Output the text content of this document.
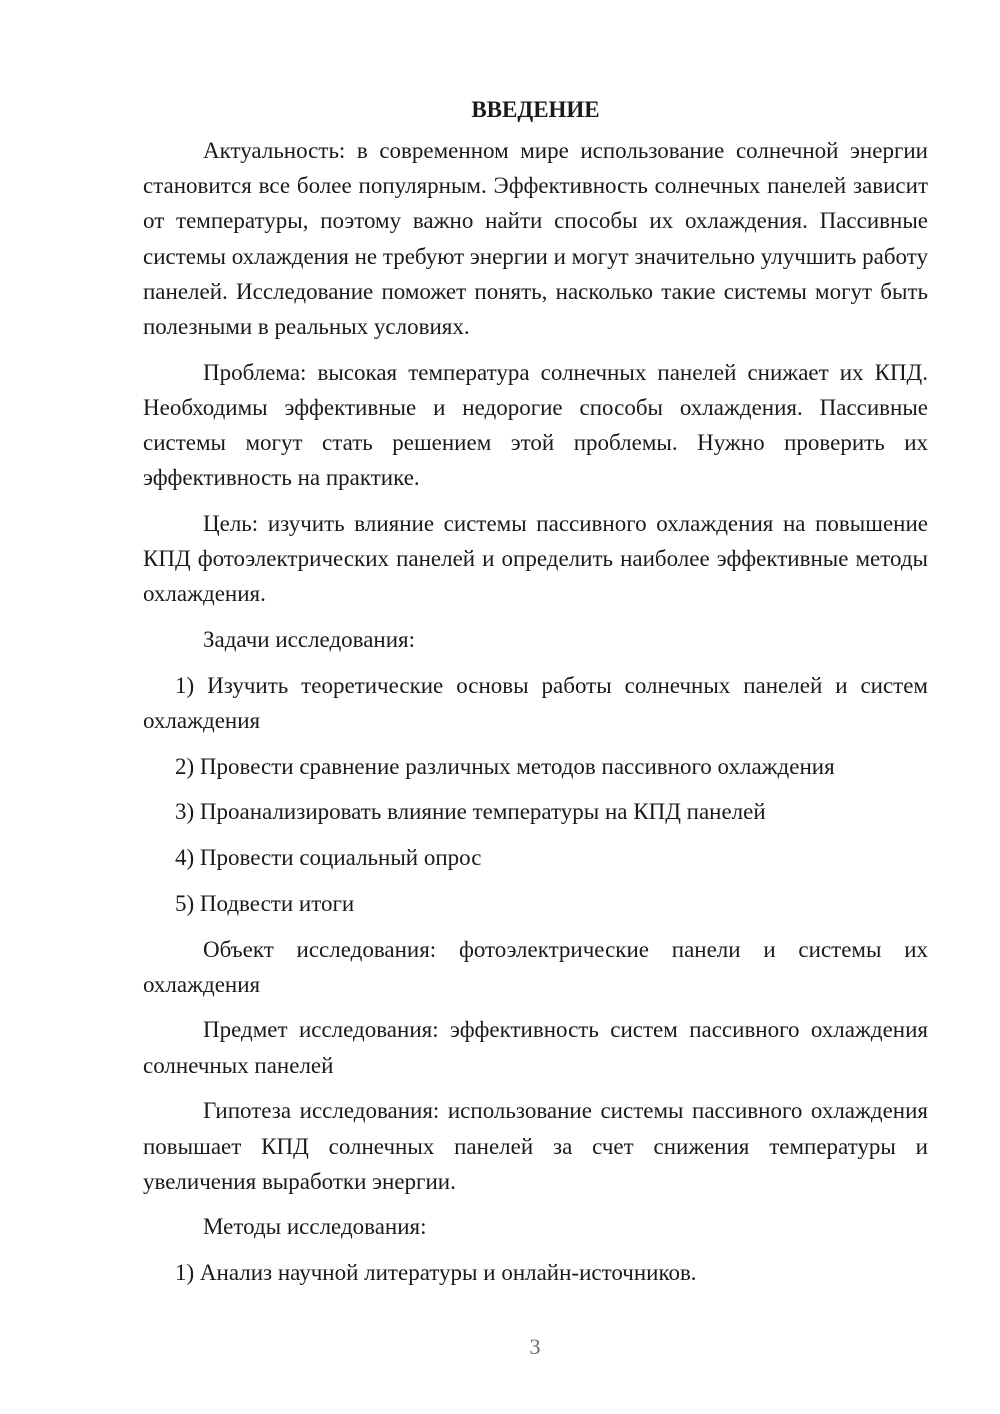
ВВЕДЕНИЕ

Актуальность: в современном мире использование солнечной энергии становится все более популярным. Эффективность солнечных панелей зависит от температуры, поэтому важно найти способы их охлаждения. Пассивные системы охлаждения не требуют энергии и могут значительно улучшить работу панелей. Исследование поможет понять, насколько такие системы могут быть полезными в реальных условиях.

Проблема: высокая температура солнечных панелей снижает их КПД. Необходимы эффективные и недорогие способы охлаждения. Пассивные системы могут стать решением этой проблемы. Нужно проверить их эффективность на практике.

Цель: изучить влияние системы пассивного охлаждения на повышение КПД фотоэлектрических панелей и определить наиболее эффективные методы охлаждения.

Задачи исследования:

1) Изучить теоретические основы работы солнечных панелей и систем охлаждения

2) Провести сравнение различных методов пассивного охлаждения

3) Проанализировать влияние температуры на КПД панелей

4) Провести социальный опрос

5) Подвести итоги

Объект исследования: фотоэлектрические панели и системы их охлаждения

Предмет исследования: эффективность систем пассивного охлаждения солнечных панелей

Гипотеза исследования: использование системы пассивного охлаждения повышает КПД солнечных панелей за счет снижения температуры и увеличения выработки энергии.

Методы исследования:

1) Анализ научной литературы и онлайн-источников.

3
